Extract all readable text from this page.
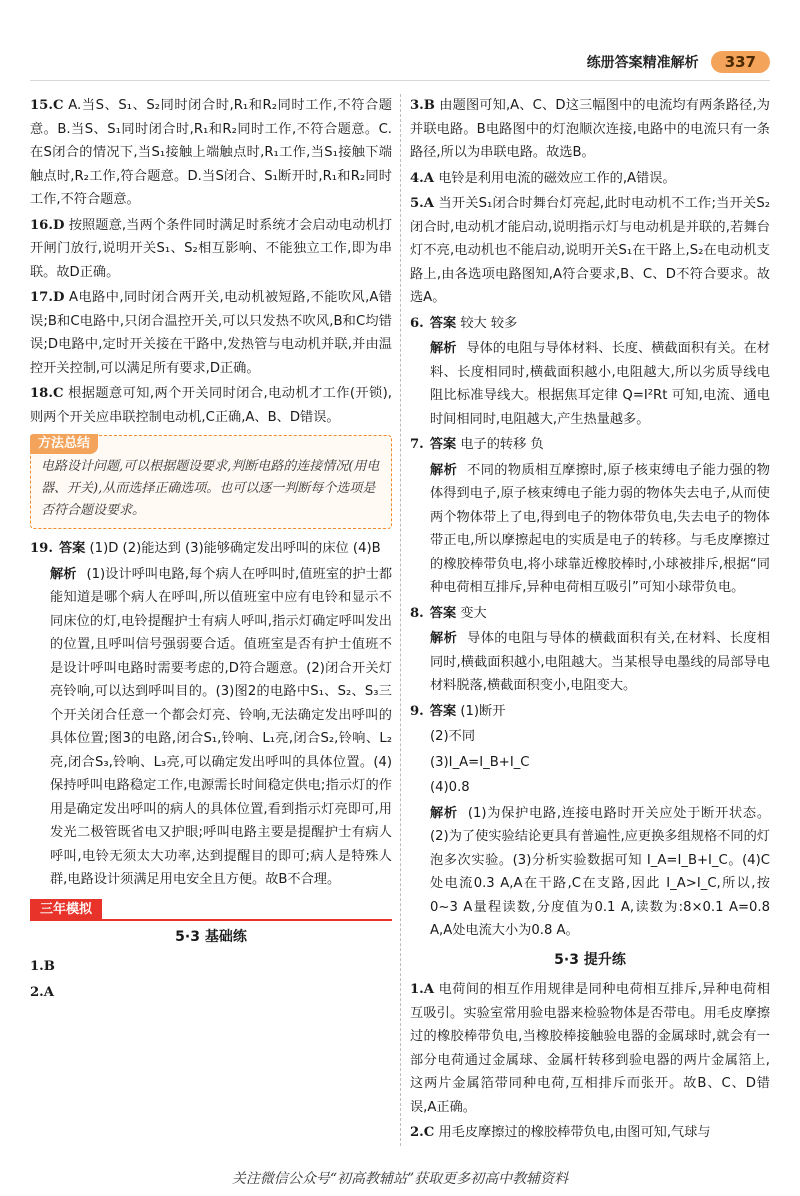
练册答案精准解析	337

15.C A.当S、S₁、S₂同时闭合时,R₁和R₂同时工作,不符合题意。B.当S、S₁同时闭合时,R₁和R₂同时工作,不符合题意。C.在S闭合的情况下,当S₁接触上端触点时,R₁工作,当S₁接触下端触点时,R₂工作,符合题意。D.当S闭合、S₁断开时,R₁和R₂同时工作,不符合题意。

16.D 按照题意,当两个条件同时满足时系统才会启动电动机打开闸门放行,说明开关S₁、S₂相互影响、不能独立工作,即为串联。故D正确。

17.D A电路中,同时闭合两开关,电动机被短路,不能吹风,A错误;B和C电路中,只闭合温控开关,可以只发热不吹风,B和C均错误;D电路中,定时开关接在干路中,发热管与电动机并联,并由温控开关控制,可以满足所有要求,D正确。

18.C 根据题意可知,两个开关同时闭合,电动机才工作(开锁),则两个开关应串联控制电动机,C正确,A、B、D错误。

方法总结

电路设计问题,可以根据题设要求,判断电路的连接情况(用电器、开关),从而选择正确选项。也可以逐一判断每个选项是否符合题设要求。

19. 答案 (1)D (2)能达到 (3)能够确定发出呼叫的床位 (4)B

解析 (1)设计呼叫电路,每个病人在呼叫时,值班室的护士都能知道是哪个病人在呼叫,所以值班室中应有电铃和显示不同床位的灯,电铃提醒护士有病人呼叫,指示灯确定呼叫发出的位置,且呼叫信号强弱要合适。值班室是否有护士值班不是设计呼叫电路时需要考虑的,D符合题意。(2)闭合开关灯亮铃响,可以达到呼叫目的。(3)图2的电路中S₁、S₂、S₃三个开关闭合任意一个都会灯亮、铃响,无法确定发出呼叫的具体位置;图3的电路,闭合S₁,铃响、L₁亮,闭合S₂,铃响、L₂亮,闭合S₃,铃响、L₃亮,可以确定发出呼叫的具体位置。(4)保持呼叫电路稳定工作,电源需长时间稳定供电;指示灯的作用是确定发出呼叫的病人的具体位置,看到指示灯亮即可,用发光二极管既省电又护眼;呼叫电路主要是提醒护士有病人呼叫,电铃无须太大功率,达到提醒目的即可;病人是特殊人群,电路设计须满足用电安全且方便。故B不合理。

三年模拟

5·3 基础练

1.B

2.A

3.B 由题图可知,A、C、D这三幅图中的电流均有两条路径,为并联电路。B电路图中的灯泡顺次连接,电路中的电流只有一条路径,所以为串联电路。故选B。

4.A 电铃是利用电流的磁效应工作的,A错误。

5.A 当开关S₁闭合时舞台灯亮起,此时电动机不工作;当开关S₂闭合时,电动机才能启动,说明指示灯与电动机是并联的,若舞台灯不亮,电动机也不能启动,说明开关S₁在干路上,S₂在电动机支路上,由各选项电路图知,A符合要求,B、C、D不符合要求。故选A。

6. 答案 较大 较多

解析 导体的电阻与导体材料、长度、横截面积有关。在材料、长度相同时,横截面积越小,电阻越大,所以劣质导线电阻比标准导线大。根据焦耳定律 Q=I²Rt 可知,电流、通电时间相同时,电阻越大,产生热量越多。

7. 答案 电子的转移 负

解析 不同的物质相互摩擦时,原子核束缚电子能力强的物体得到电子,原子核束缚电子能力弱的物体失去电子,从而使两个物体带上了电,得到电子的物体带负电,失去电子的物体带正电,所以摩擦起电的实质是电子的转移。与毛皮摩擦过的橡胶棒带负电,将小球靠近橡胶棒时,小球被排斥,根据“同种电荷相互排斥,异种电荷相互吸引”可知小球带负电。

8. 答案 变大

解析 导体的电阻与导体的横截面积有关,在材料、长度相同时,横截面积越小,电阻越大。当某根导电墨线的局部导电材料脱落,横截面积变小,电阻变大。

9. 答案 (1)断开

(2)不同

(3)I_A=I_B+I_C

(4)0.8

解析 (1)为保护电路,连接电路时开关应处于断开状态。(2)为了使实验结论更具有普遍性,应更换多组规格不同的灯泡多次实验。(3)分析实验数据可知 I_A=I_B+I_C。(4)C处电流0.3 A,A在干路,C在支路,因此 I_A>I_C,所以,按0~3 A量程读数,分度值为0.1 A,读数为:8×0.1 A=0.8 A,A处电流大小为0.8 A。

5·3 提升练

1.A 电荷间的相互作用规律是同种电荷相互排斥,异种电荷相互吸引。实验室常用验电器来检验物体是否带电。用毛皮摩擦过的橡胶棒带负电,当橡胶棒接触验电器的金属球时,就会有一部分电荷通过金属球、金属杆转移到验电器的两片金属箔上,这两片金属箔带同种电荷,互相排斥而张开。故B、C、D错误,A正确。

2.C 用毛皮摩擦过的橡胶棒带负电,由图可知,气球与

关注微信公众号“初高教辅站”获取更多初高中教辅资料
